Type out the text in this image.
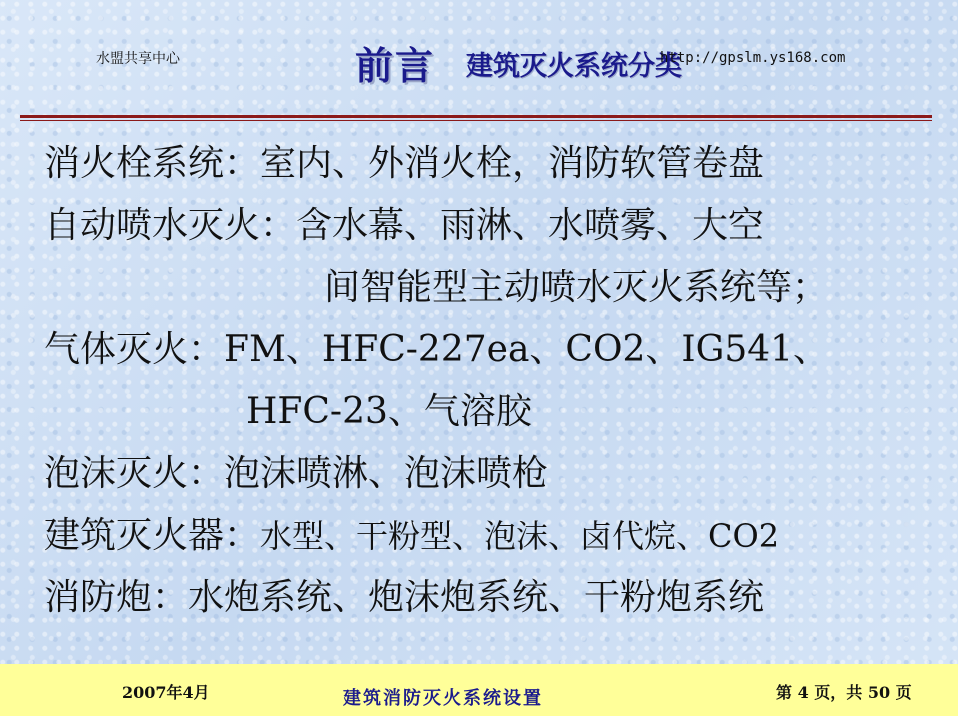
水盟共享中心	前言 建筑灭火系统分类
http://gpslm.ys168.com
消火栓系统：室内、外消火栓，消防软管卷盘
自动喷水灭火：含水幕、雨淋、水喷雾、大空
间智能型主动喷水灭火系统等；
气体灭火：FM、HFC-227ea、CO2、IG541、
HFC-23、气溶胶
泡沫灭火：泡沫喷淋、泡沫喷枪
建筑灭火器：水型、干粉型、泡沫、卤代烷、CO2
消防炮：水炮系统、炮沫炮系统、干粉炮系统
2007年4月	建筑消防灭火系统设置	第 4 页，共 50 页
